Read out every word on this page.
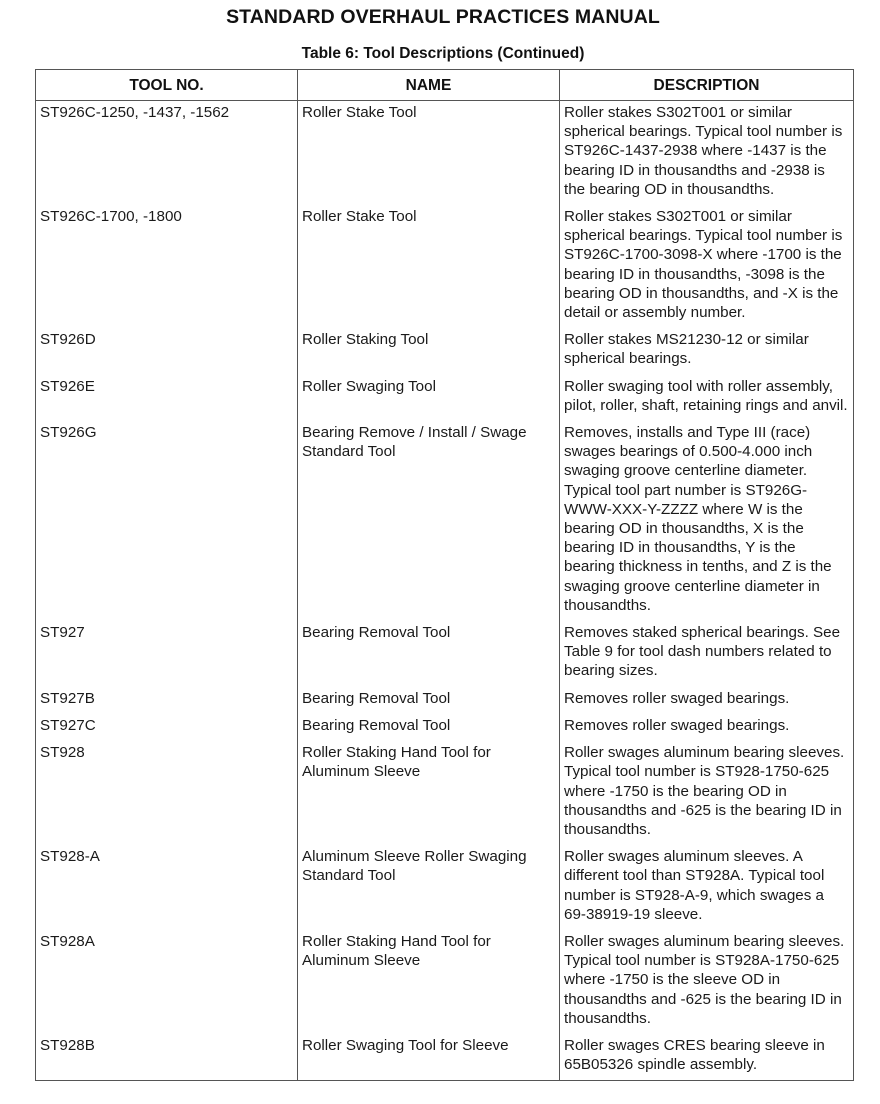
STANDARD OVERHAUL PRACTICES MANUAL
Table 6: Tool Descriptions (Continued)
TOOL NO.	NAME	DESCRIPTION
ST926C-1250, -1437, -1562	Roller Stake Tool	Roller stakes S302T001 or similar spherical bearings. Typical tool number is ST926C-1437-2938 where -1437 is the bearing ID in thousandths and -2938 is the bearing OD in thousandths.
ST926C-1700, -1800	Roller Stake Tool	Roller stakes S302T001 or similar spherical bearings. Typical tool number is ST926C-1700-3098-X where -1700 is the bearing ID in thousandths, -3098 is the bearing OD in thousandths, and -X is the detail or assembly number.
ST926D	Roller Staking Tool	Roller stakes MS21230-12 or similar spherical bearings.
ST926E	Roller Swaging Tool	Roller swaging tool with roller assembly, pilot, roller, shaft, retaining rings and anvil.
ST926G	Bearing Remove / Install / Swage Standard Tool	Removes, installs and Type III (race) swages bearings of 0.500-4.000 inch swaging groove centerline diameter. Typical tool part number is ST926G-WWW-XXX-Y-ZZZZ where W is the bearing OD in thousandths, X is the bearing ID in thousandths, Y is the bearing thickness in tenths, and Z is the swaging groove centerline diameter in thousandths.
ST927	Bearing Removal Tool	Removes staked spherical bearings. See Table 9 for tool dash numbers related to bearing sizes.
ST927B	Bearing Removal Tool	Removes roller swaged bearings.
ST927C	Bearing Removal Tool	Removes roller swaged bearings.
ST928	Roller Staking Hand Tool for Aluminum Sleeve	Roller swages aluminum bearing sleeves. Typical tool number is ST928-1750-625 where -1750 is the bearing OD in thousandths and -625 is the bearing ID in thousandths.
ST928-A	Aluminum Sleeve Roller Swaging Standard Tool	Roller swages aluminum sleeves. A different tool than ST928A. Typical tool number is ST928-A-9, which swages a 69-38919-19 sleeve.
ST928A	Roller Staking Hand Tool for Aluminum Sleeve	Roller swages aluminum bearing sleeves. Typical tool number is ST928A-1750-625 where -1750 is the sleeve OD in thousandths and -625 is the bearing ID in thousandths.
ST928B	Roller Swaging Tool for Sleeve	Roller swages CRES bearing sleeve in 65B05326 spindle assembly.
